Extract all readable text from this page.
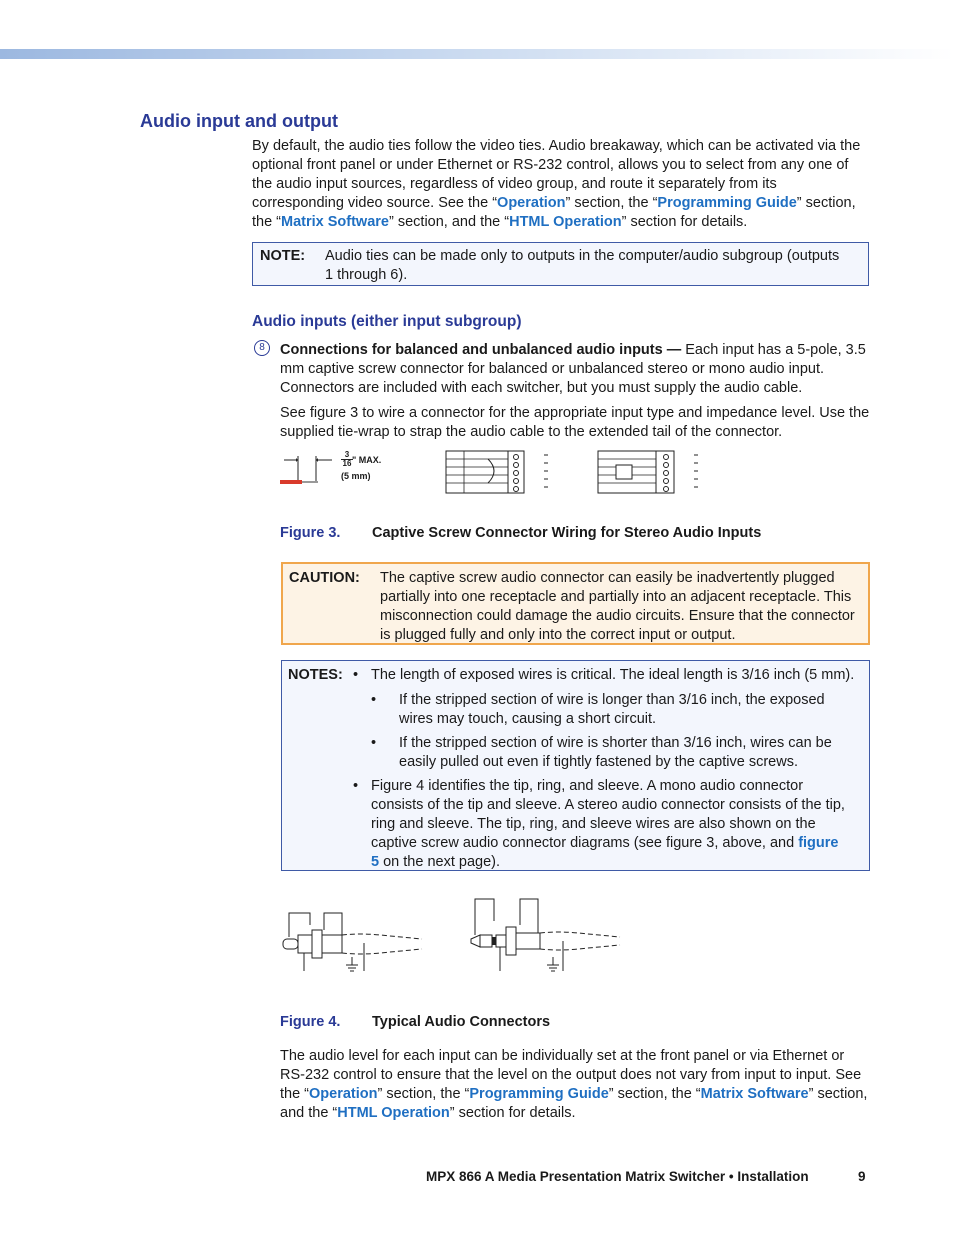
Audio input and output

By default, the audio ties follow the video ties. Audio breakaway, which can be activated via the optional front panel or under Ethernet or RS-232 control, allows you to select from any one of the audio input sources, regardless of video group, and route it separately from its corresponding video source. See the “Operation” section, the “Programming Guide” section, the “Matrix Software” section, and the “HTML Operation” section for details.

NOTE: Audio ties can be made only to outputs in the computer/audio subgroup (outputs 1 through 6).
Audio inputs (either input subgroup)
8	Connections for balanced and unbalanced audio inputs — Each input has a 5-pole, 3.5 mm captive screw connector for balanced or unbalanced stereo or mono audio input. Connectors are included with each switcher, but you must supply the audio cable.

See figure 3 to wire a connector for the appropriate input type and impedance level. Use the supplied tie-wrap to strap the audio cable to the extended tail of the connector.

3
16 " MAX.
(5 mm)
Figure 3. Captive Screw Connector Wiring for Stereo Audio Inputs
CAUTION: The captive screw audio connector can easily be inadvertently plugged partially into one receptacle and partially into an adjacent receptacle. This misconnection could damage the audio circuits. Ensure that the connector is plugged fully and only into the correct input or output.
NOTES: • The length of exposed wires is critical. The ideal length is 3/16 inch (5 mm).
• If the stripped section of wire is longer than 3/16 inch, the exposed wires may touch, causing a short circuit.
• If the stripped section of wire is shorter than 3/16 inch, wires can be easily pulled out even if tightly fastened by the captive screws.
• Figure 4 identifies the tip, ring, and sleeve. A mono audio connector consists of the tip and sleeve. A stereo audio connector consists of the tip, ring and sleeve. The tip, ring, and sleeve wires are also shown on the captive screw audio connector diagrams (see figure 3, above, and figure 5 on the next page).
Figure 4. Typical Audio Connectors

The audio level for each input can be individually set at the front panel or via Ethernet or RS-232 control to ensure that the level on the output does not vary from input to input. See the “Operation” section, the “Programming Guide” section, the “Matrix Software” section, and the “HTML Operation” section for details.

MPX 866 A Media Presentation Matrix Switcher • Installation	9
